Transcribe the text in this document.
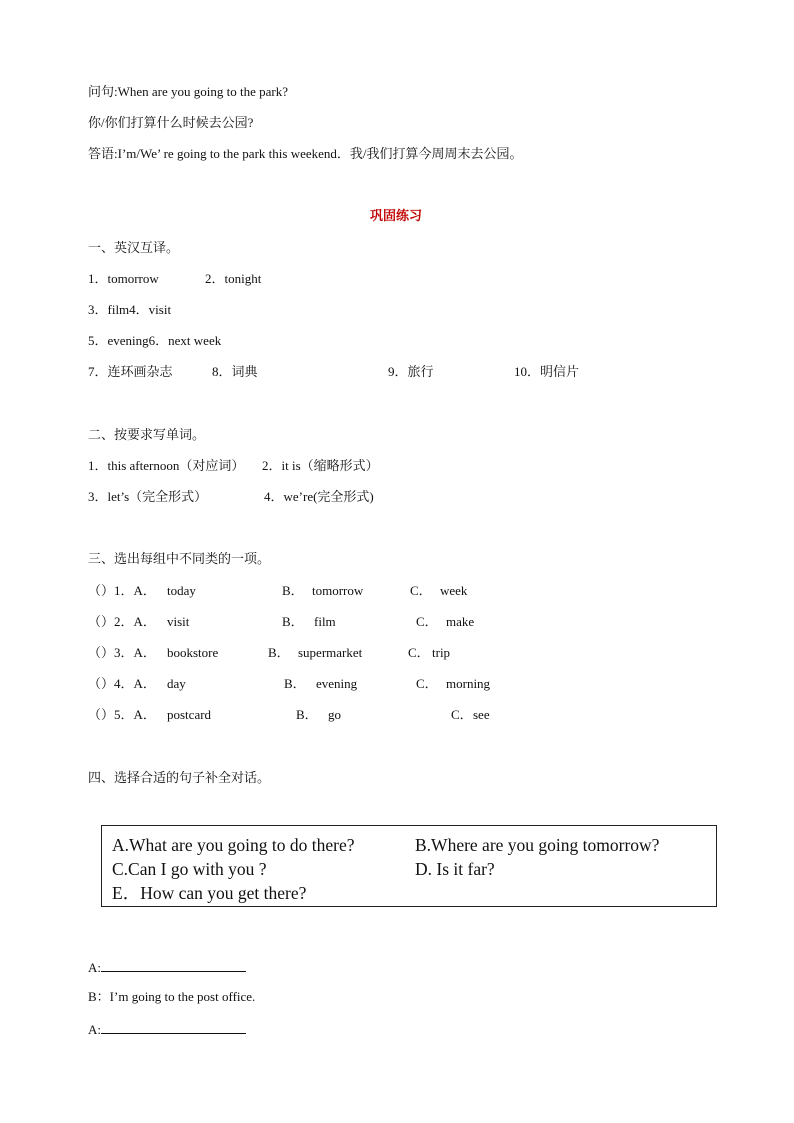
问句:When are you going to the park?
你/你们打算什么时候去公园?
答语:I’m/We’ re going to the park this weekend．我/我们打算今周周末去公园。
巩固练习
一、英汉互译。
1．tomorrow	2．tonight
3．film4．visit
5．evening6．next week
7．连环画杂志	8．词典	9．旅行	10．明信片
二、按要求写单词。
1．this afternoon（对应词） 2．it is（缩略形式）
3．let’s（完全形式）	4．we’re(完全形式)
三、选出每组中不同类的一项。
（）1．A． today	B． tomorrow	C． week
（）2．A． visit	B． film	C． make
（）3．A． bookstore	B． supermarket	C． trip
（）4．A． day	B． evening	C． morning
（）5．A． postcard	B． go	C． see
四、选择合适的句子补全对话。
A.What are you going to do there?	B.Where are you going tomorrow?
C.Can I go with you ?	D. Is it far?
E．How can you get there?
A:
B：I’m going to the post office.
A:
